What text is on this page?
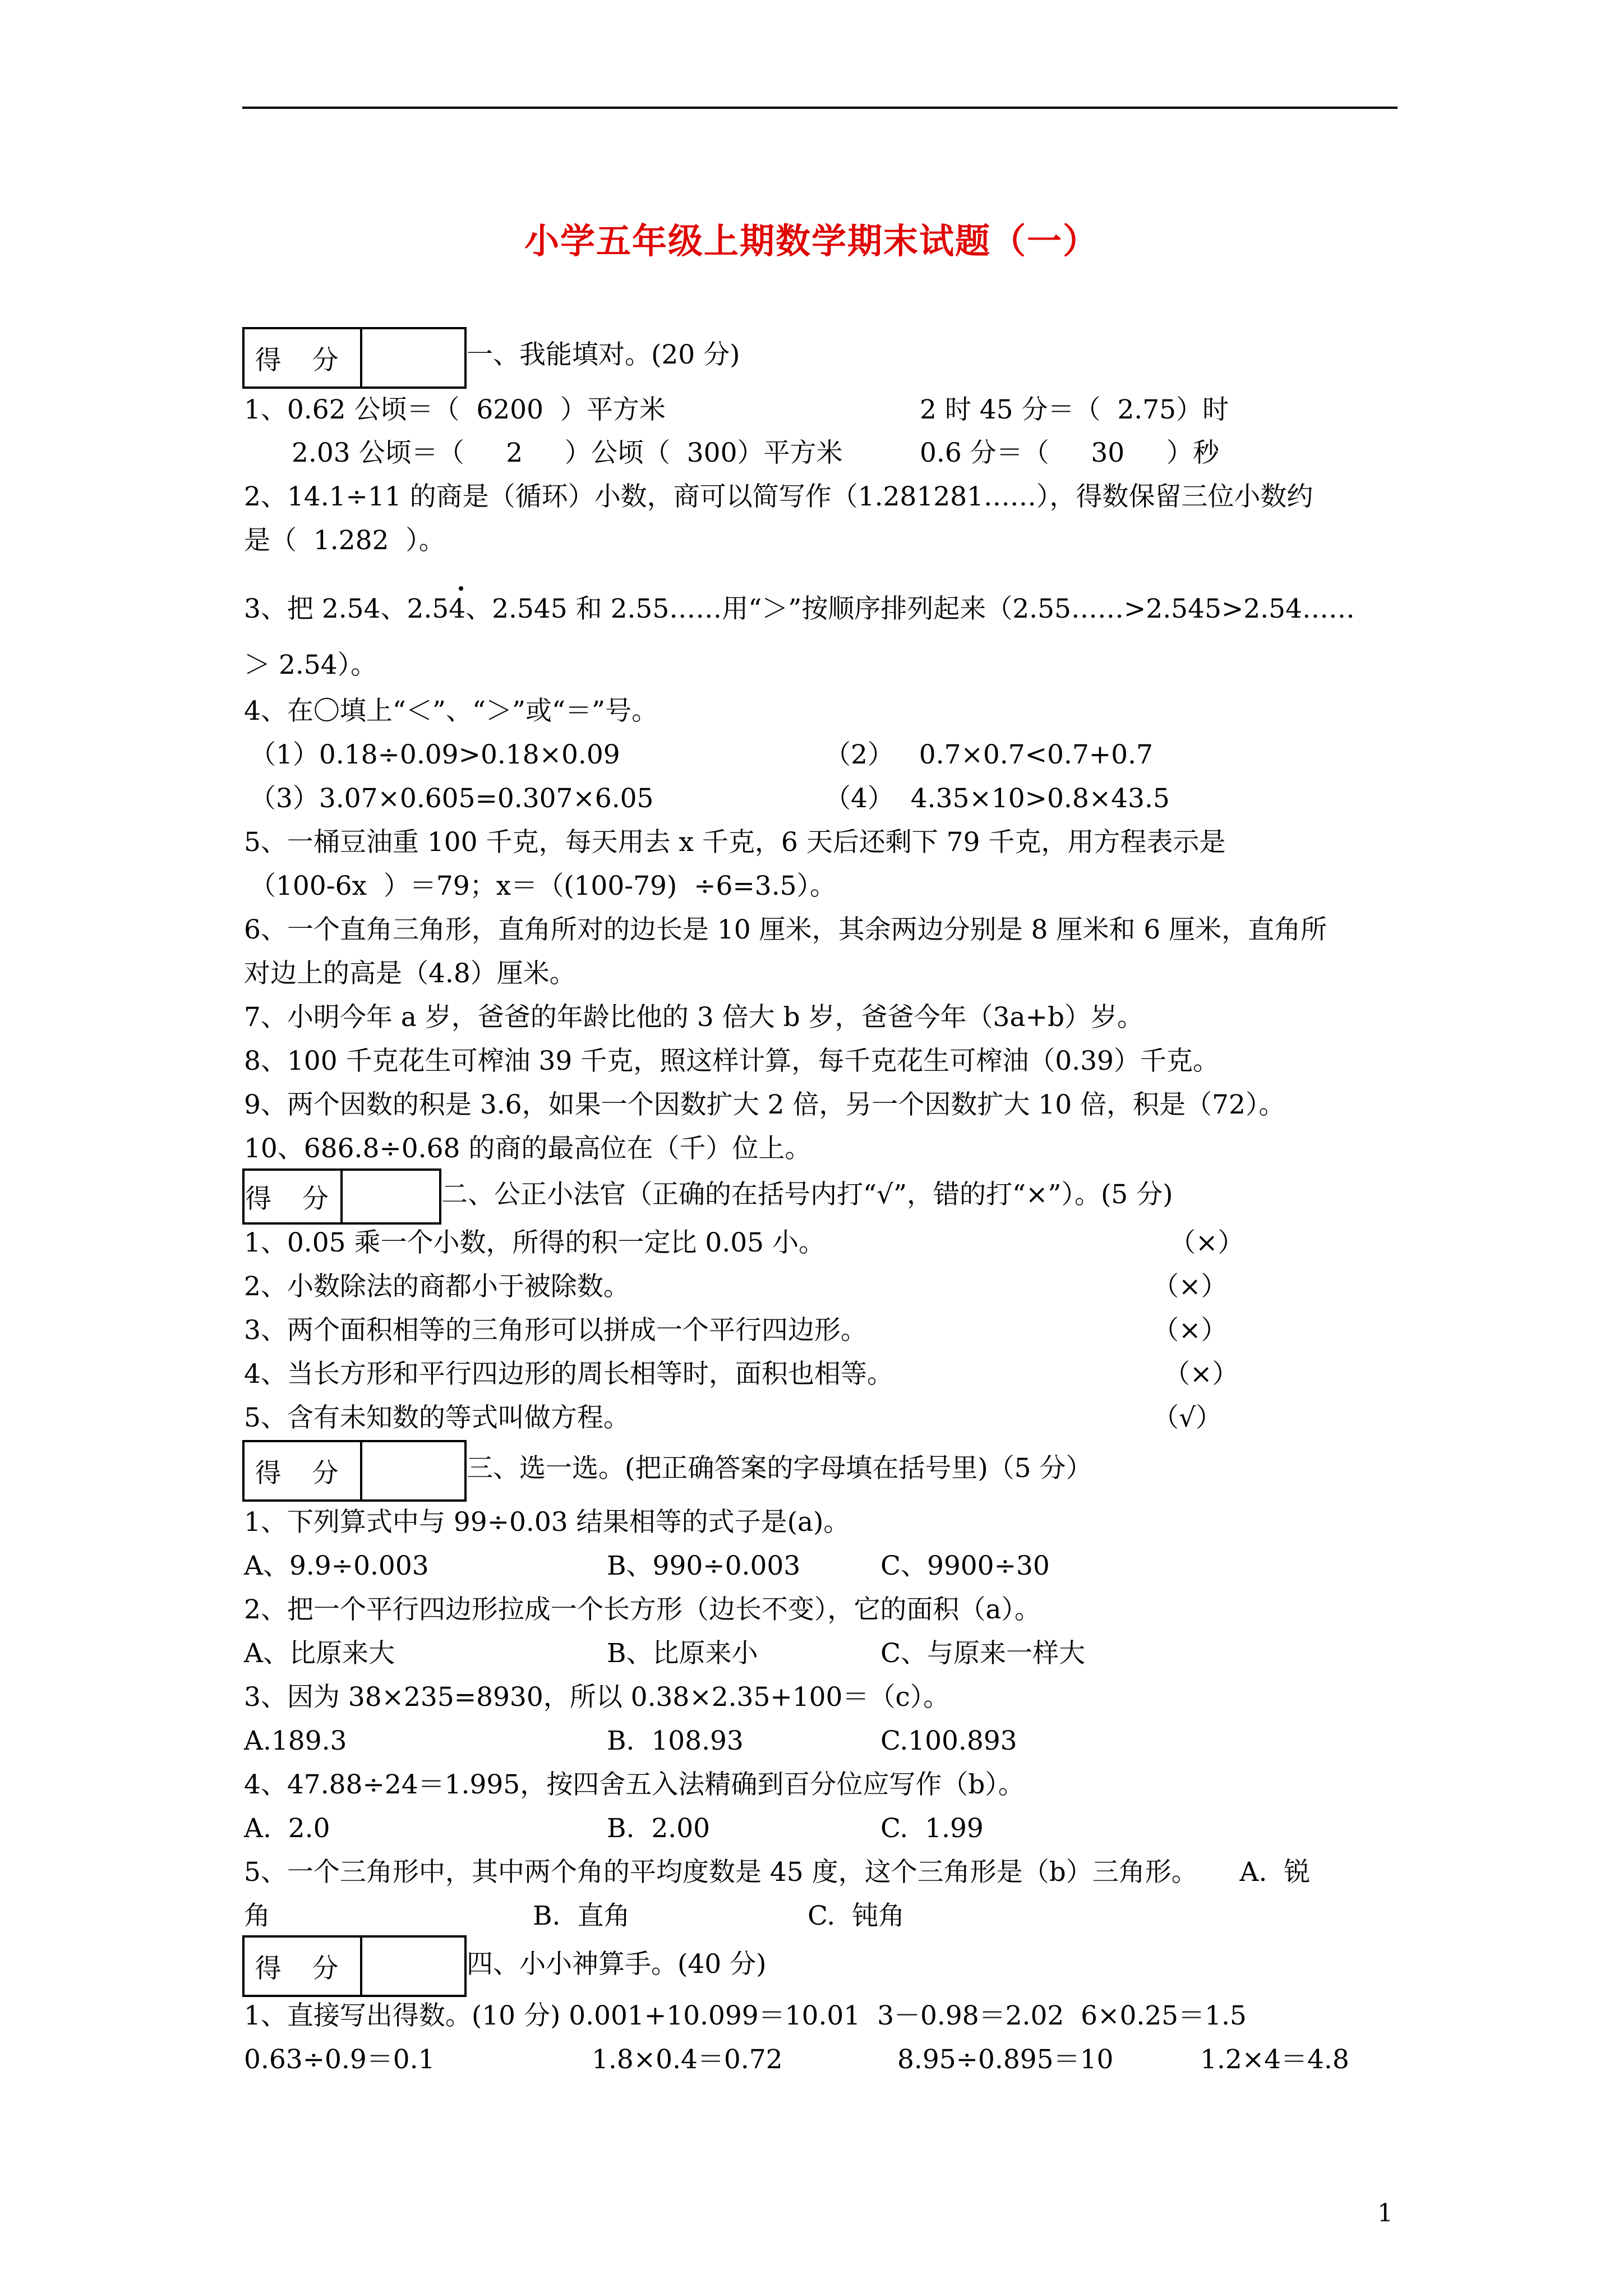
小学五年级上期数学期末试题（一）
得 分	一、我能填对。(20 分)
1、0.62 公顷＝（  6200  ）平方米	2 时 45 分＝（  2.75）时
2.03 公顷＝（     2     ）公顷（  300）平方米	0.6 分＝（     30     ）秒
2、14.1÷11 的商是（循环）小数，商可以简写作（1.281281……），得数保留三位小数约
是（  1.282  ）。
3、把 2.54、2.54、2.545 和 2.55……用“＞”按顺序排列起来（2.55……>2.545>2.54……
＞ 2.54）。
4、在〇填上“＜”、“＞”或“＝”号。
（1）0.18÷0.09>0.18×0.09	（2）   0.7×0.7<0.7+0.7
（3）3.07×0.605=0.307×6.05	（4）  4.35×10>0.8×43.5
5、一桶豆油重 100 千克，每天用去 x 千克，6 天后还剩下 79 千克，用方程表示是
（100-6x  ）＝79；x＝（(100-79)  ÷6=3.5）。
6、一个直角三角形，直角所对的边长是 10 厘米，其余两边分别是 8 厘米和 6 厘米，直角所
对边上的高是（4.8）厘米。
7、小明今年 a 岁，爸爸的年龄比他的 3 倍大 b 岁，爸爸今年（3a+b）岁。
8、100 千克花生可榨油 39 千克，照这样计算，每千克花生可榨油（0.39）千克。
9、两个因数的积是 3.6，如果一个因数扩大 2 倍，另一个因数扩大 10 倍，积是（72）。
10、686.8÷0.68 的商的最高位在（千）位上。
得 分	二、公正小法官（正确的在括号内打“√”，错的打“×”）。(5 分)
1、0.05 乘一个小数，所得的积一定比 0.05 小。	（×）
2、小数除法的商都小于被除数。	（×）
3、两个面积相等的三角形可以拼成一个平行四边形。	（×）
4、当长方形和平行四边形的周长相等时，面积也相等。	（×）
5、含有未知数的等式叫做方程。	（√）
得 分	三、选一选。(把正确答案的字母填在括号里)（5 分）
1、下列算式中与 99÷0.03 结果相等的式子是(a)。
A、9.9÷0.003	B、990÷0.003	C、9900÷30
2、把一个平行四边形拉成一个长方形（边长不变），它的面积（a）。
A、比原来大	B、比原来小	C、与原来一样大
3、因为 38×235=8930，所以 0.38×2.35+100＝（c）。
A.189.3	B.  108.93	C.100.893
4、47.88÷24＝1.995，按四舍五入法精确到百分位应写作（b）。
A.  2.0	B.  2.00	C.  1.99
5、一个三角形中，其中两个角的平均度数是 45 度，这个三角形是（b）三角形。     A.  锐
角	B.  直角	C.  钝角
得 分	四、小小神算手。(40 分)
1、直接写出得数。(10 分) 0.001+10.099＝10.01  3－0.98＝2.02  6×0.25＝1.5
0.63÷0.9＝0.1	1.8×0.4＝0.72	8.95÷0.895＝10	1.2×4＝4.8
1
